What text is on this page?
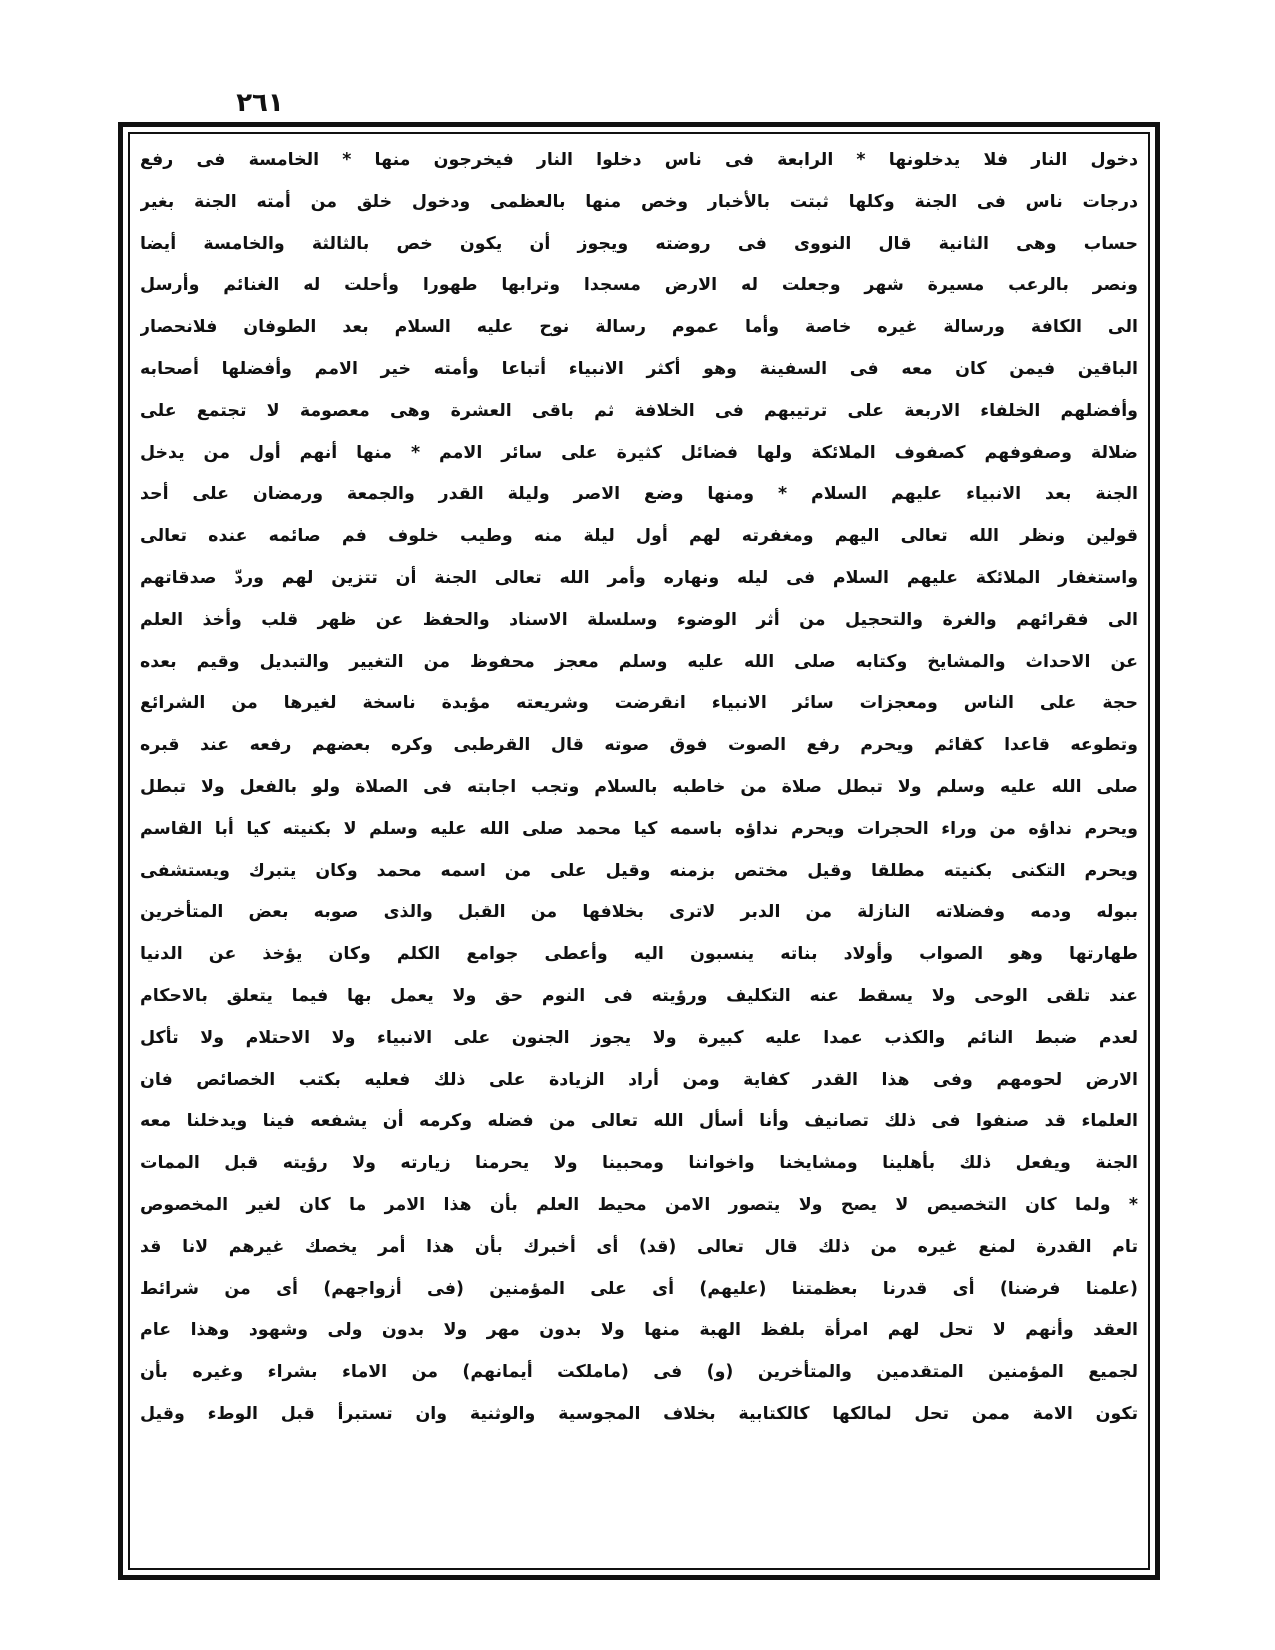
٢٦١
دخول النار فلا يدخلونها * الرابعة فى ناس دخلوا النار فيخرجون منها * الخامسة فى رفع
درجات ناس فى الجنة وكلها ثبتت بالأخبار وخص منها بالعظمى ودخول خلق من أمته الجنة بغير
حساب وهى الثانية قال النووى فى روضته ويجوز أن يكون خص بالثالثة والخامسة أيضا
ونصر بالرعب مسيرة شهر وجعلت له الارض مسجدا وترابها طهورا وأحلت له الغنائم وأرسل
الى الكافة ورسالة غيره خاصة وأما عموم رسالة نوح عليه السلام بعد الطوفان فلانحصار
الباقين فيمن كان معه فى السفينة وهو أكثر الانبياء أتباعا وأمته خير الامم وأفضلها أصحابه
وأفضلهم الخلفاء الاربعة على ترتيبهم فى الخلافة ثم باقى العشرة وهى معصومة لا تجتمع على
ضلالة وصفوفهم كصفوف الملائكة ولها فضائل كثيرة على سائر الامم * منها أنهم أول من يدخل
الجنة بعد الانبياء عليهم السلام * ومنها وضع الاصر وليلة القدر والجمعة ورمضان على أحد
قولين ونظر الله تعالى اليهم ومغفرته لهم أول ليلة منه وطيب خلوف فم صائمه عنده تعالى
واستغفار الملائكة عليهم السلام فى ليله ونهاره وأمر الله تعالى الجنة أن تتزين لهم وردّ صدقاتهم
الى فقرائهم والغرة والتحجيل من أثر الوضوء وسلسلة الاسناد والحفظ عن ظهر قلب وأخذ العلم
عن الاحداث والمشايخ وكتابه صلى الله عليه وسلم معجز محفوظ من التغيير والتبديل وقيم بعده
حجة على الناس ومعجزات سائر الانبياء انقرضت وشريعته مؤبدة ناسخة لغيرها من الشرائع
وتطوعه قاعدا كقائم ويحرم رفع الصوت فوق صوته قال القرطبى وكره بعضهم رفعه عند قبره
صلى الله عليه وسلم ولا تبطل صلاة من خاطبه بالسلام وتجب اجابته فى الصلاة ولو بالفعل ولا تبطل
ويحرم نداؤه من وراء الحجرات ويحرم نداؤه باسمه كيا محمد صلى الله عليه وسلم لا بكنيته كيا أبا القاسم
ويحرم التكنى بكنيته مطلقا وقيل مختص بزمنه وقيل على من اسمه محمد وكان يتبرك ويستشفى
ببوله ودمه وفضلاته النازلة من الدبر لاترى بخلافها من القبل والذى صوبه بعض المتأخرين
طهارتها وهو الصواب وأولاد بناته ينسبون اليه وأعطى جوامع الكلم وكان يؤخذ عن الدنيا
عند تلقى الوحى ولا يسقط عنه التكليف ورؤيته فى النوم حق ولا يعمل بها فيما يتعلق بالاحكام
لعدم ضبط النائم والكذب عمدا عليه كبيرة ولا يجوز الجنون على الانبياء ولا الاحتلام ولا تأكل
الارض لحومهم وفى هذا القدر كفاية ومن أراد الزيادة على ذلك فعليه بكتب الخصائص فان
العلماء قد صنفوا فى ذلك تصانيف وأنا أسأل الله تعالى من فضله وكرمه أن يشفعه فينا ويدخلنا معه
الجنة ويفعل ذلك بأهلينا ومشايخنا واخواننا ومحبينا ولا يحرمنا زيارته ولا رؤيته قبل الممات
* ولما كان التخصيص لا يصح ولا يتصور الامن محيط العلم بأن هذا الامر ما كان لغير المخصوص
تام القدرة لمنع غيره من ذلك قال تعالى (قد) أى أخبرك بأن هذا أمر يخصك غيرهم لانا قد
(علمنا فرضنا) أى قدرنا بعظمتنا (عليهم) أى على المؤمنين (فى أزواجهم) أى من شرائط
العقد وأنهم لا تحل لهم امرأة بلفظ الهبة منها ولا بدون مهر ولا بدون ولى وشهود وهذا عام
لجميع المؤمنين المتقدمين والمتأخرين (و) فى (ماملكت أيمانهم) من الاماء بشراء وغيره بأن
تكون الامة ممن تحل لمالكها كالكتابية بخلاف المجوسية والوثنية وان تستبرأ قبل الوطء وقيل
